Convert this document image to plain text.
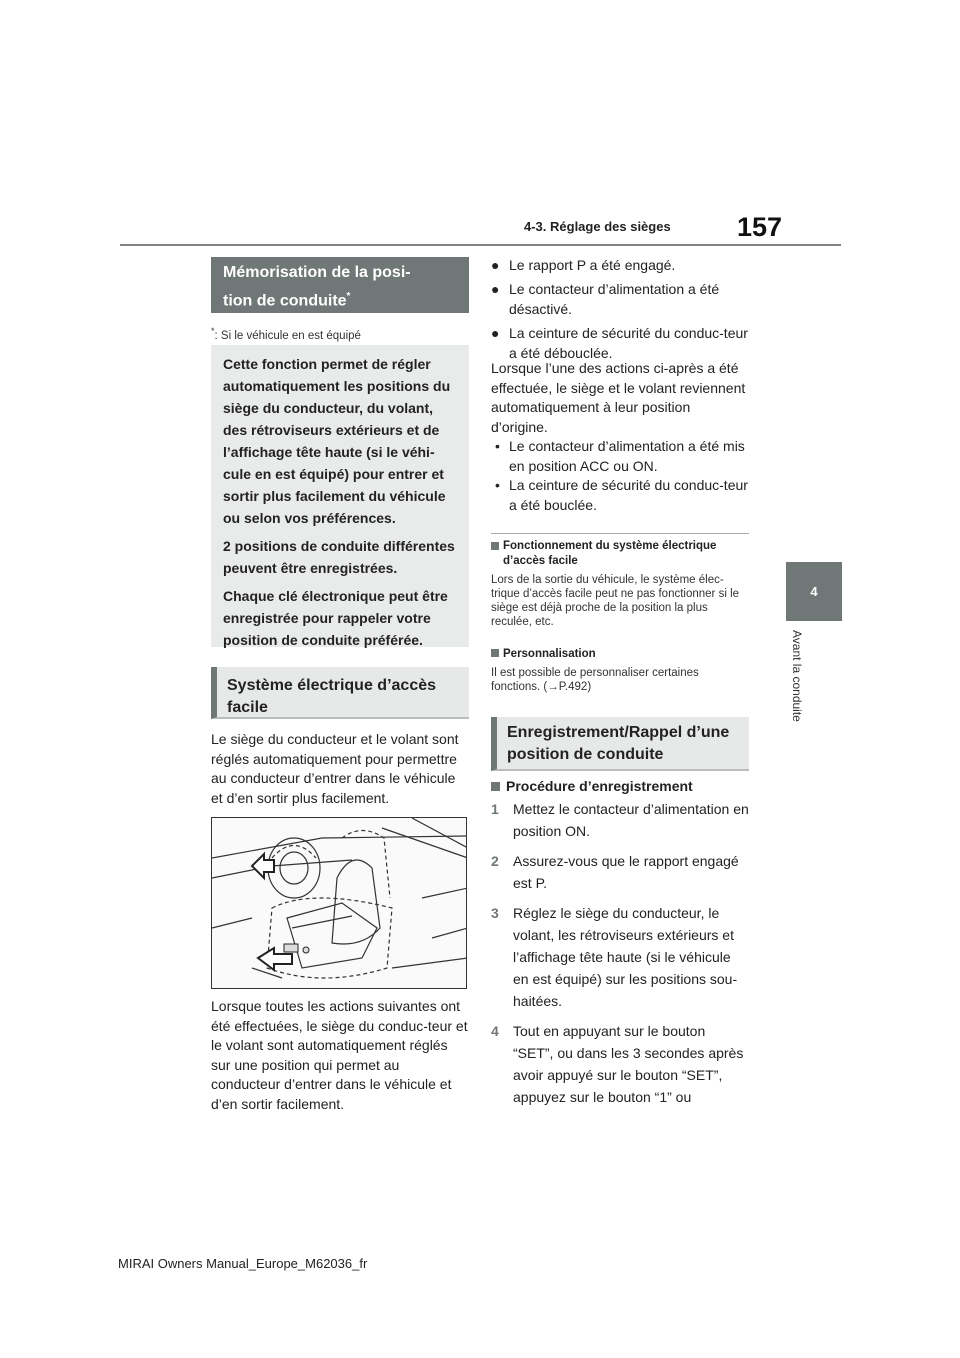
4-3. Réglage des sièges 157
4
Avant la conduite
Mémorisation de la posi-
tion de conduite*
*: Si le véhicule en est équipé

Cette fonction permet de régler automatiquement les positions du siège du conducteur, du volant, des rétroviseurs extérieurs et de l’affichage tête haute (si le véhi-cule en est équipé) pour entrer et sortir plus facilement du véhicule ou selon vos préférences.

2 positions de conduite différentes peuvent être enregistrées.

Chaque clé électronique peut être enregistrée pour rappeler votre position de conduite préférée.

Système électrique d’accès facile
Le siège du conducteur et le volant sont réglés automatiquement pour permettre au conducteur d’entrer dans le véhicule et d’en sortir plus facilement.
Lorsque toutes les actions suivantes ont été effectuées, le siège du conduc-teur et le volant sont automatiquement réglés sur une position qui permet au conducteur d’entrer dans le véhicule et d’en sortir facilement.
● Le rapport P a été engagé.
● Le contacteur d’alimentation a été désactivé.
● La ceinture de sécurité du conduc-teur a été débouclée.
Lorsque l’une des actions ci-après a été effectuée, le siège et le volant reviennent automatiquement à leur position d’origine.
• Le contacteur d’alimentation a été mis en position ACC ou ON.
• La ceinture de sécurité du conduc-teur a été bouclée.
Fonctionnement du système électrique d’accès facile
Lors de la sortie du véhicule, le système élec-trique d’accès facile peut ne pas fonctionner si le siège est déjà proche de la position la plus reculée, etc.
Personnalisation
Il est possible de personnaliser certaines fonctions. (→P.492)
Enregistrement/Rappel d’une position de conduite
Procédure d’enregistrement
1 Mettez le contacteur d’alimentation en position ON.
2 Assurez-vous que le rapport engagé est P.
3 Réglez le siège du conducteur, le volant, les rétroviseurs extérieurs et l’affichage tête haute (si le véhicule en est équipé) sur les positions sou-haitées.
4 Tout en appuyant sur le bouton “SET”, ou dans les 3 secondes après avoir appuyé sur le bouton “SET”, appuyez sur le bouton “1” ou
MIRAI Owners Manual_Europe_M62036_fr
